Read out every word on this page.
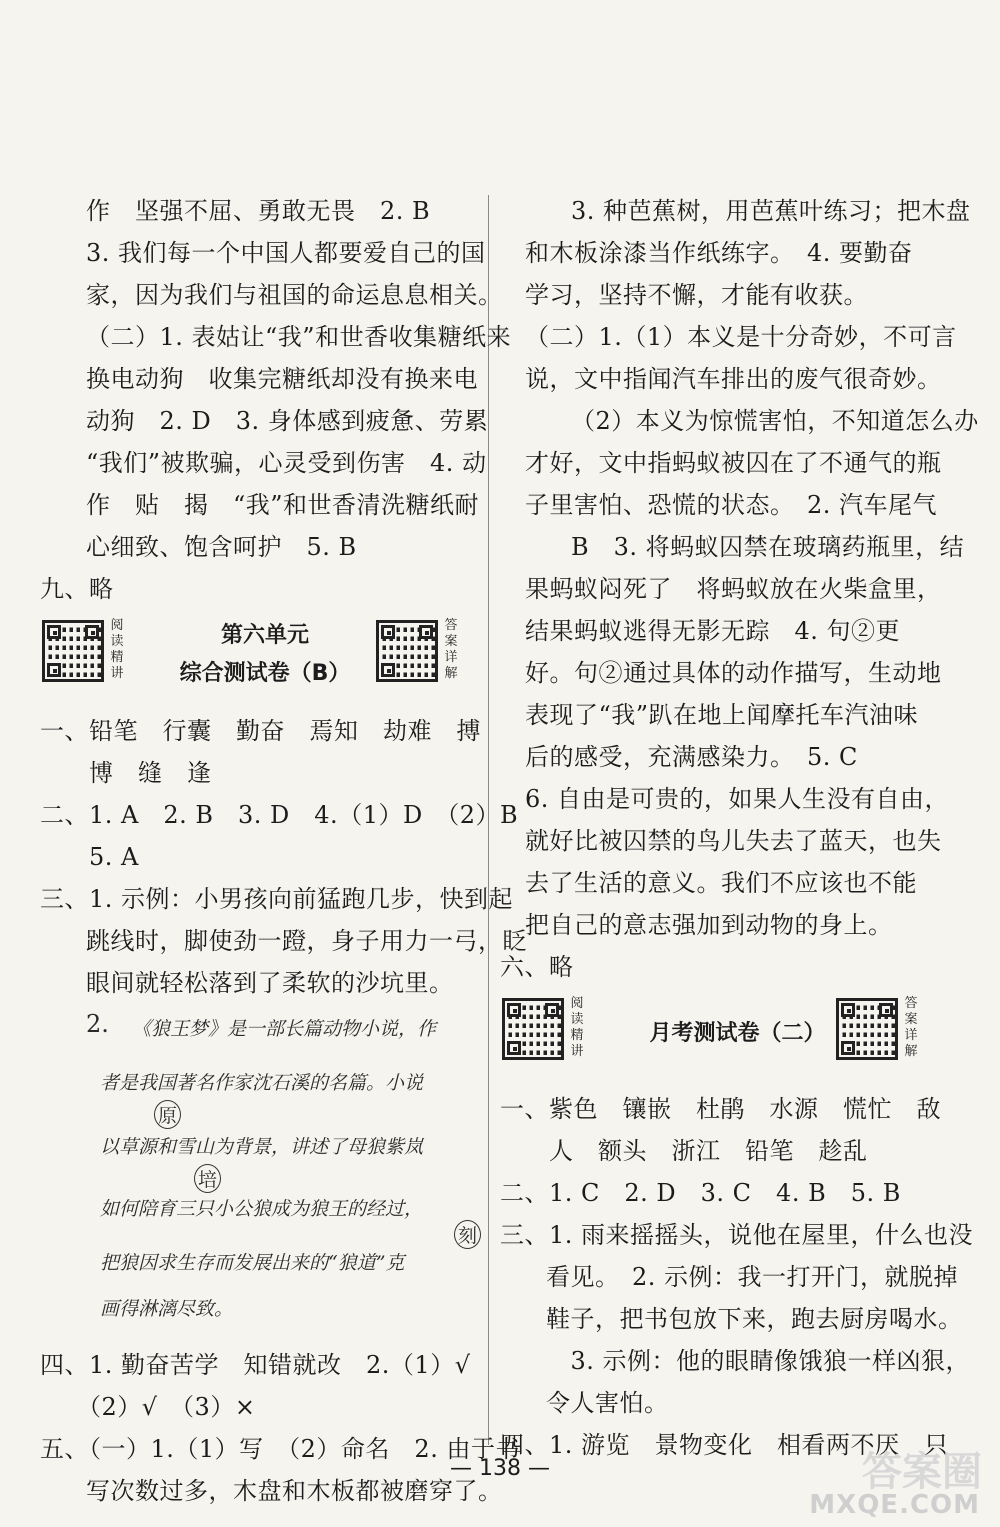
作　坚强不屈、勇敢无畏　2. B
3. 我们每一个中国人都要爱自己的国
家，因为我们与祖国的命运息息相关。
（二）1. 表姑让“我”和世香收集糖纸来
换电动狗　收集完糖纸却没有换来电
动狗　2. D　3. 身体感到疲惫、劳累
“我们”被欺骗，心灵受到伤害　4. 动
作　贴　揭　“我”和世香清洗糖纸耐
心细致、饱含呵护　5. B
九、略
阅读精讲
第六单元
综合测试卷（B）
答案详解
一、铅笔　行囊　勤奋　焉知　劫难　搏
　　博　缝　逢
二、1. A　2. B　3. D　4.（1）D　（2）B
　　5. A
三、1. 示例：小男孩向前猛跑几步，快到起
跳线时，脚使劲一蹬，身子用力一弓，眨
眼间就轻松落到了柔软的沙坑里。
2. 《狼王梦》是一部长篇动物小说，作
者是我国著名作家沈石溪的名篇。小说
原
以草源和雪山为背景，讲述了母狼紫岚
培
如何陪育三只小公狼成为狼王的经过，
刻
把狼因求生存而发展出来的“狼道”克
画得淋漓尽致。
四、1. 勤奋苦学　知错就改　2.（1）√
　　（2）√　（3）×
五、（一）1.（1）写　（2）命名　2. 由于书
写次数过多，木盘和木板都被磨穿了。
3. 种芭蕉树，用芭蕉叶练习；把木盘
和木板涂漆当作纸练字。　4. 要勤奋
学习，坚持不懈，才能有收获。
（二）1.（1）本义是十分奇妙，不可言
说，文中指闻汽车排出的废气很奇妙。
（2）本义为惊慌害怕，不知道怎么办
才好，文中指蚂蚁被囚在了不通气的瓶
子里害怕、恐慌的状态。　2. 汽车尾气
B　3. 将蚂蚁囚禁在玻璃药瓶里，结
果蚂蚁闷死了　将蚂蚁放在火柴盒里，
结果蚂蚁逃得无影无踪　4. 句②更
好。句②通过具体的动作描写，生动地
表现了“我”趴在地上闻摩托车汽油味
后的感受，充满感染力。　5. C
6. 自由是可贵的，如果人生没有自由，
就好比被囚禁的鸟儿失去了蓝天，也失
去了生活的意义。我们不应该也不能
把自己的意志强加到动物的身上。
六、略
阅读精讲
月考测试卷（二）
答案详解
一、紫色　镶嵌　杜鹃　水源　慌忙　敌
　　人　额头　浙江　铅笔　趁乱
二、1. C　2. D　3. C　4. B　5. B
三、1. 雨来摇摇头，说他在屋里，什么也没
看见。　2. 示例：我一打开门，就脱掉
鞋子，把书包放下来，跑去厨房喝水。
　3. 示例：他的眼睛像饿狼一样凶狠，
令人害怕。
四、1. 游览　景物变化　相看两不厌　只
— 138 —	答案圈
MXQE.COM
